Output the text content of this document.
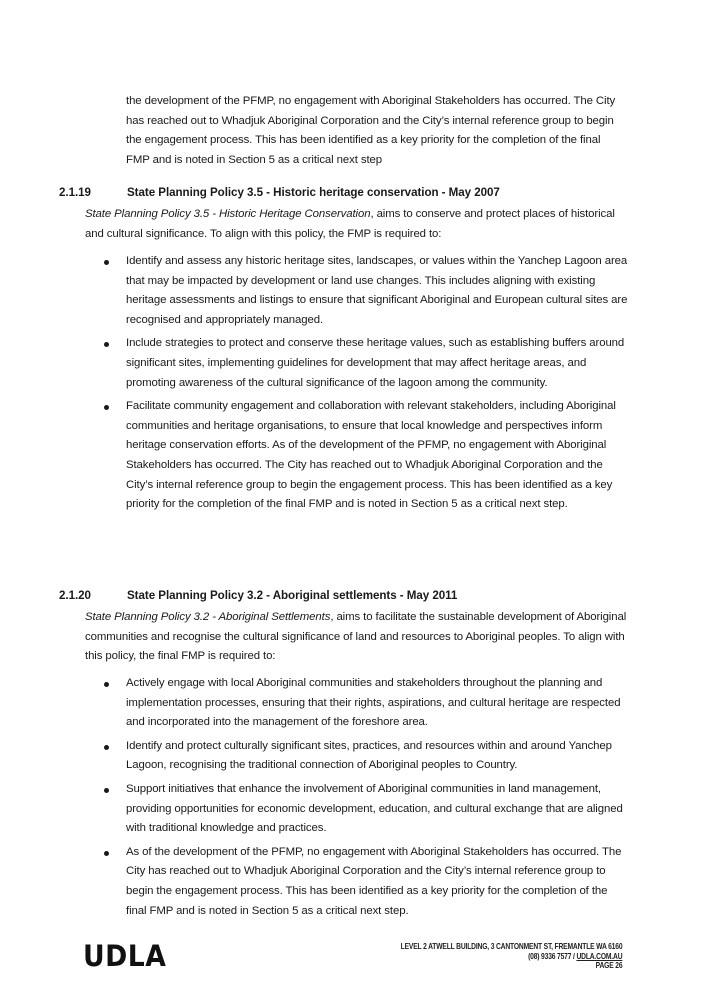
the development of the PFMP, no engagement with Aboriginal Stakeholders has occurred. The City has reached out to Whadjuk Aboriginal Corporation and the City’s internal reference group to begin the engagement process. This has been identified as a key priority for the completion of the final FMP and is noted in Section 5 as a critical next step
2.1.19	State Planning Policy 3.5 - Historic heritage conservation - May 2007
State Planning Policy 3.5 - Historic Heritage Conservation, aims to conserve and protect places of historical and cultural significance. To align with this policy, the FMP is required to:
Identify and assess any historic heritage sites, landscapes, or values within the Yanchep Lagoon area that may be impacted by development or land use changes. This includes aligning with existing heritage assessments and listings to ensure that significant Aboriginal and European cultural sites are recognised and appropriately managed.
Include strategies to protect and conserve these heritage values, such as establishing buffers around significant sites, implementing guidelines for development that may affect heritage areas, and promoting awareness of the cultural significance of the lagoon among the community.
Facilitate community engagement and collaboration with relevant stakeholders, including Aboriginal communities and heritage organisations, to ensure that local knowledge and perspectives inform heritage conservation efforts. As of the development of the PFMP, no engagement with Aboriginal Stakeholders has occurred. The City has reached out to Whadjuk Aboriginal Corporation and the City’s internal reference group to begin the engagement process. This has been identified as a key priority for the completion of the final FMP and is noted in Section 5 as a critical next step.
2.1.20	State Planning Policy 3.2 - Aboriginal settlements - May 2011
State Planning Policy 3.2 - Aboriginal Settlements, aims to facilitate the sustainable development of Aboriginal communities and recognise the cultural significance of land and resources to Aboriginal peoples. To align with this policy, the final FMP is required to:
Actively engage with local Aboriginal communities and stakeholders throughout the planning and implementation processes, ensuring that their rights, aspirations, and cultural heritage are respected and incorporated into the management of the foreshore area.
Identify and protect culturally significant sites, practices, and resources within and around Yanchep Lagoon, recognising the traditional connection of Aboriginal peoples to Country.
Support initiatives that enhance the involvement of Aboriginal communities in land management, providing opportunities for economic development, education, and cultural exchange that are aligned with traditional knowledge and practices.
As of the development of the PFMP, no engagement with Aboriginal Stakeholders has occurred. The City has reached out to Whadjuk Aboriginal Corporation and the City’s internal reference group to begin the engagement process. This has been identified as a key priority for the completion of the final FMP and is noted in Section 5 as a critical next step.
UDLA	LEVEL 2 ATWELL BUILDING, 3 CANTONMENT ST, FREMANTLE WA 6160
(08) 9336 7577 / UDLA.COM.AU
PAGE 26
